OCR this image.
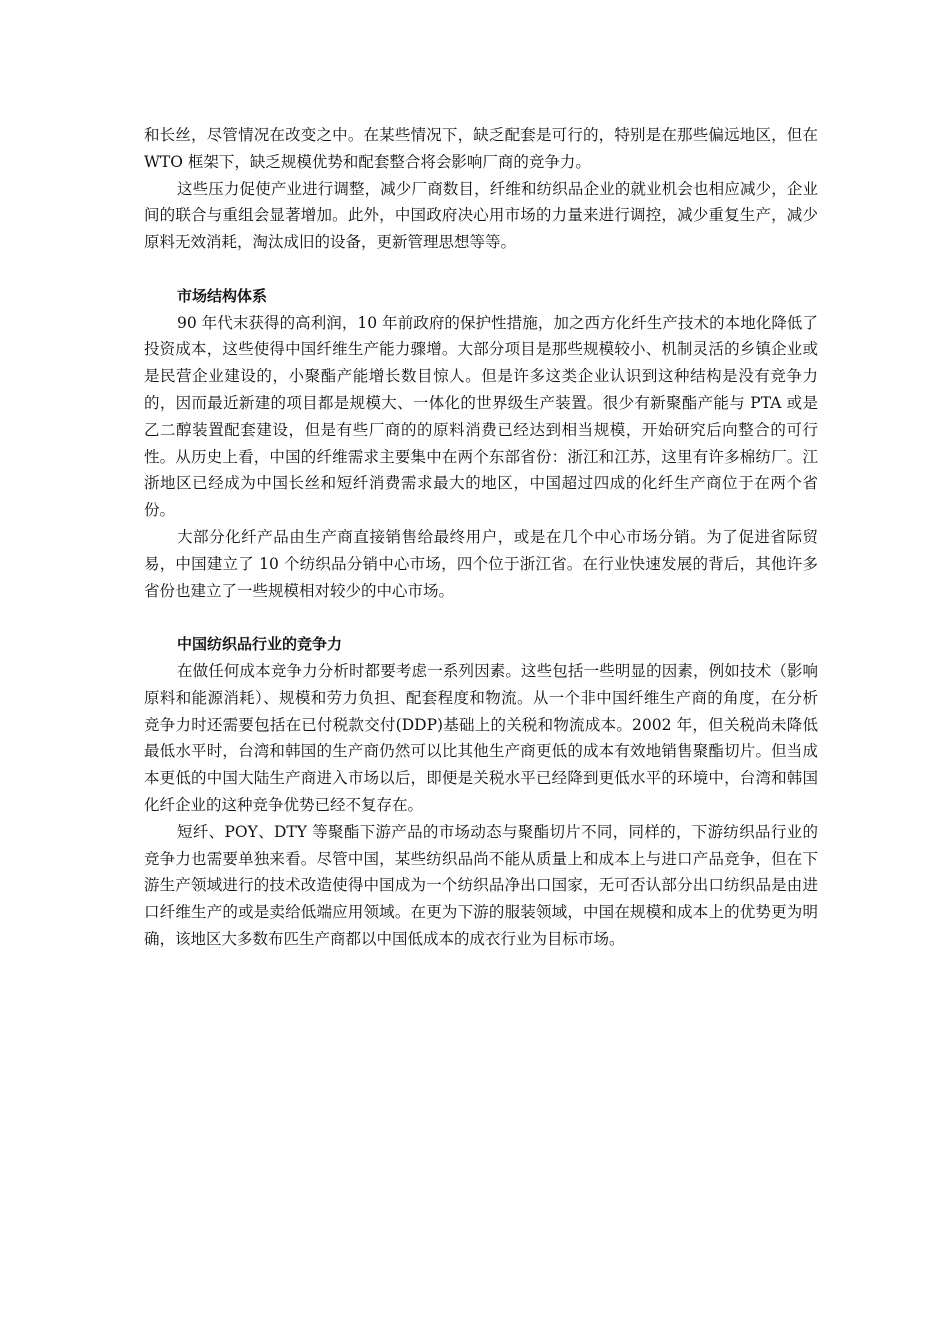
和长丝，尽管情况在改变之中。在某些情况下，缺乏配套是可行的，特别是在那些偏远地区，但在 WTO 框架下，缺乏规模优势和配套整合将会影响厂商的竞争力。

这些压力促使产业进行调整，减少厂商数目，纤维和纺织品企业的就业机会也相应减少，企业间的联合与重组会显著增加。此外，中国政府决心用市场的力量来进行调控，减少重复生产，减少原料无效消耗，淘汰成旧的设备，更新管理思想等等。

市场结构体系

90 年代末获得的高利润，10 年前政府的保护性措施，加之西方化纤生产技术的本地化降低了投资成本，这些使得中国纤维生产能力骤增。大部分项目是那些规模较小、机制灵活的乡镇企业或是民营企业建设的，小聚酯产能增长数目惊人。但是许多这类企业认识到这种结构是没有竞争力的，因而最近新建的项目都是规模大、一体化的世界级生产装置。很少有新聚酯产能与 PTA 或是乙二醇装置配套建设，但是有些厂商的的原料消费已经达到相当规模，开始研究后向整合的可行性。从历史上看，中国的纤维需求主要集中在两个东部省份：浙江和江苏，这里有许多棉纺厂。江浙地区已经成为中国长丝和短纤消费需求最大的地区，中国超过四成的化纤生产商位于在两个省份。

大部分化纤产品由生产商直接销售给最终用户，或是在几个中心市场分销。为了促进省际贸易，中国建立了 10 个纺织品分销中心市场，四个位于浙江省。在行业快速发展的背后，其他许多省份也建立了一些规模相对较少的中心市场。

中国纺织品行业的竞争力

在做任何成本竞争力分析时都要考虑一系列因素。这些包括一些明显的因素，例如技术（影响原料和能源消耗）、规模和劳力负担、配套程度和物流。从一个非中国纤维生产商的角度，在分析竞争力时还需要包括在已付税款交付(DDP)基础上的关税和物流成本。2002 年，但关税尚未降低最低水平时，台湾和韩国的生产商仍然可以比其他生产商更低的成本有效地销售聚酯切片。但当成本更低的中国大陆生产商进入市场以后，即便是关税水平已经降到更低水平的环境中，台湾和韩国化纤企业的这种竞争优势已经不复存在。

短纤、POY、DTY 等聚酯下游产品的市场动态与聚酯切片不同，同样的，下游纺织品行业的竞争力也需要单独来看。尽管中国，某些纺织品尚不能从质量上和成本上与进口产品竞争，但在下游生产领域进行的技术改造使得中国成为一个纺织品净出口国家，无可否认部分出口纺织品是由进口纤维生产的或是卖给低端应用领域。在更为下游的服装领域，中国在规模和成本上的优势更为明确，该地区大多数布匹生产商都以中国低成本的成衣行业为目标市场。
